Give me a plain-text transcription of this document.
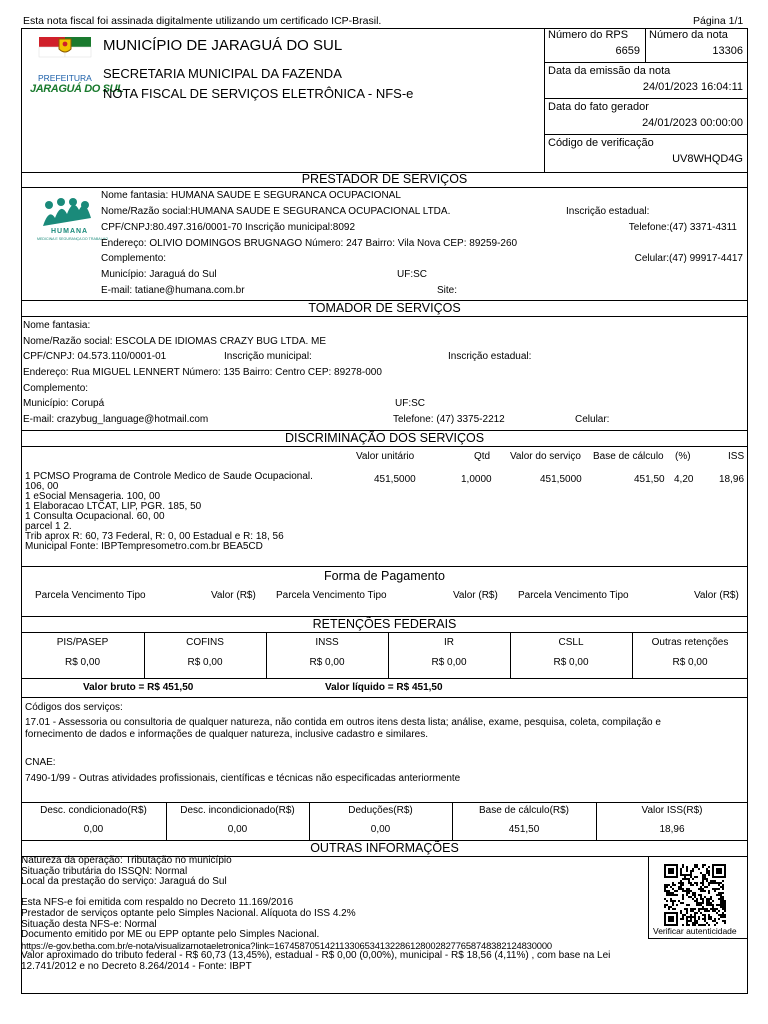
Esta nota fiscal foi assinada digitalmente utilizando um certificado ICP-Brasil.	Página 1/1
PREFEITURA
JARAGUÁ DO SUL
MUNICÍPIO DE JARAGUÁ DO SUL
SECRETARIA MUNICIPAL DA FAZENDA
NOTA FISCAL DE SERVIÇOS ELETRÔNICA - NFS-e
Número do RPS
6659
Número da nota
13306
Data da emissão da nota
24/01/2023 16:04:11
Data do fato gerador
24/01/2023 00:00:00
Código de verificação
UV8WHQD4G
PRESTADOR DE SERVIÇOS
HUMANA
MEDICINA E SEGURANÇA DO TRABALHO
Nome fantasia: HUMANA SAUDE E SEGURANCA OCUPACIONAL
Nome/Razão social:HUMANA SAUDE E SEGURANCA OCUPACIONAL LTDA.	Inscrição estadual:
CPF/CNPJ:80.497.316/0001-70 Inscrição municipal:8092	Telefone:(47) 3371-4311
Endereço: OLIVIO DOMINGOS BRUGNAGO Número: 247 Bairro: Vila Nova CEP: 89259-260
Complemento:	Celular:(47) 99917-4417
Município: Jaraguá do Sul	UF:SC
E-mail: tatiane@humana.com.br	Site:
TOMADOR DE SERVIÇOS
Nome fantasia:
Nome/Razão social: ESCOLA DE IDIOMAS CRAZY BUG LTDA. ME
CPF/CNPJ: 04.573.110/0001-01	Inscrição municipal:	Inscrição estadual:
Endereço: Rua MIGUEL LENNERT Número: 135 Bairro: Centro CEP: 89278-000
Complemento:
Município: Corupá	UF:SC
E-mail: crazybug_language@hotmail.com	Telefone: (47) 3375-2212	Celular:
DISCRIMINAÇÃO DOS SERVIÇOS
Valor unitário	Qtd Valor do serviço Base de cálculo (%)	ISS
1 PCMSO Programa de Controle Medico de Saude Ocupacional.
106, 00
1 eSocial Mensageria. 100, 00
1 Elaboracao LTCAT, LIP, PGR. 185, 50
1 Consulta Ocupacional. 60, 00
parcel 1 2.
Trib aprox R: 60, 73 Federal, R: 0, 00 Estadual e R: 18, 56
Municipal Fonte: IBPTempresometro.com.br BEA5CD
451,5000	1,0000	451,5000	451,50 4,20	18,96
Forma de Pagamento
Parcela Vencimento Tipo	Valor (R$) Parcela Vencimento Tipo	Valor (R$) Parcela Vencimento Tipo	Valor (R$)
RETENÇÕES FEDERAIS
PIS/PASEP
R$ 0,00
COFINS
R$ 0,00
INSS
R$ 0,00
IR
R$ 0,00
CSLL
R$ 0,00
Outras retenções
R$ 0,00
Valor bruto = R$ 451,50	Valor líquido = R$ 451,50
Códigos dos serviços:
17.01 - Assessoria ou consultoria de qualquer natureza, não contida em outros itens desta lista; análise, exame, pesquisa, coleta, compilação e
fornecimento de dados e informações de qualquer natureza, inclusive cadastro e similares.
CNAE:
7490-1/99 - Outras atividades profissionais, científicas e técnicas não especificadas anteriormente
Desc. condicionado(R$)
0,00
Desc. incondicionado(R$)
0,00
Deduções(R$)
0,00
Base de cálculo(R$)
451,50
Valor ISS(R$)
18,96
OUTRAS INFORMAÇÕES
Natureza da operação: Tributação no município
Situação tributária do ISSQN: Normal
Local da prestação do serviço: Jaraguá do Sul
Esta NFS-e foi emitida com respaldo no Decreto 11.169/2016
Prestador de serviços optante pelo Simples Nacional. Alíquota do ISS 4.2%
Situação desta NFS-e: Normal
Documento emitido por ME ou EPP optante pelo Simples Nacional.
https://e-gov.betha.com.br/e-nota/visualizarnotaeletronica?link=1674587051421133065341322861280028277658748382124830000
Valor aproximado do tributo federal - R$ 60,73 (13,45%), estadual - R$ 0,00 (0,00%), municipal - R$ 18,56 (4,11%) , com base na Lei
12.741/2012 e no Decreto 8.264/2014 - Fonte: IBPT
Verificar autenticidade
